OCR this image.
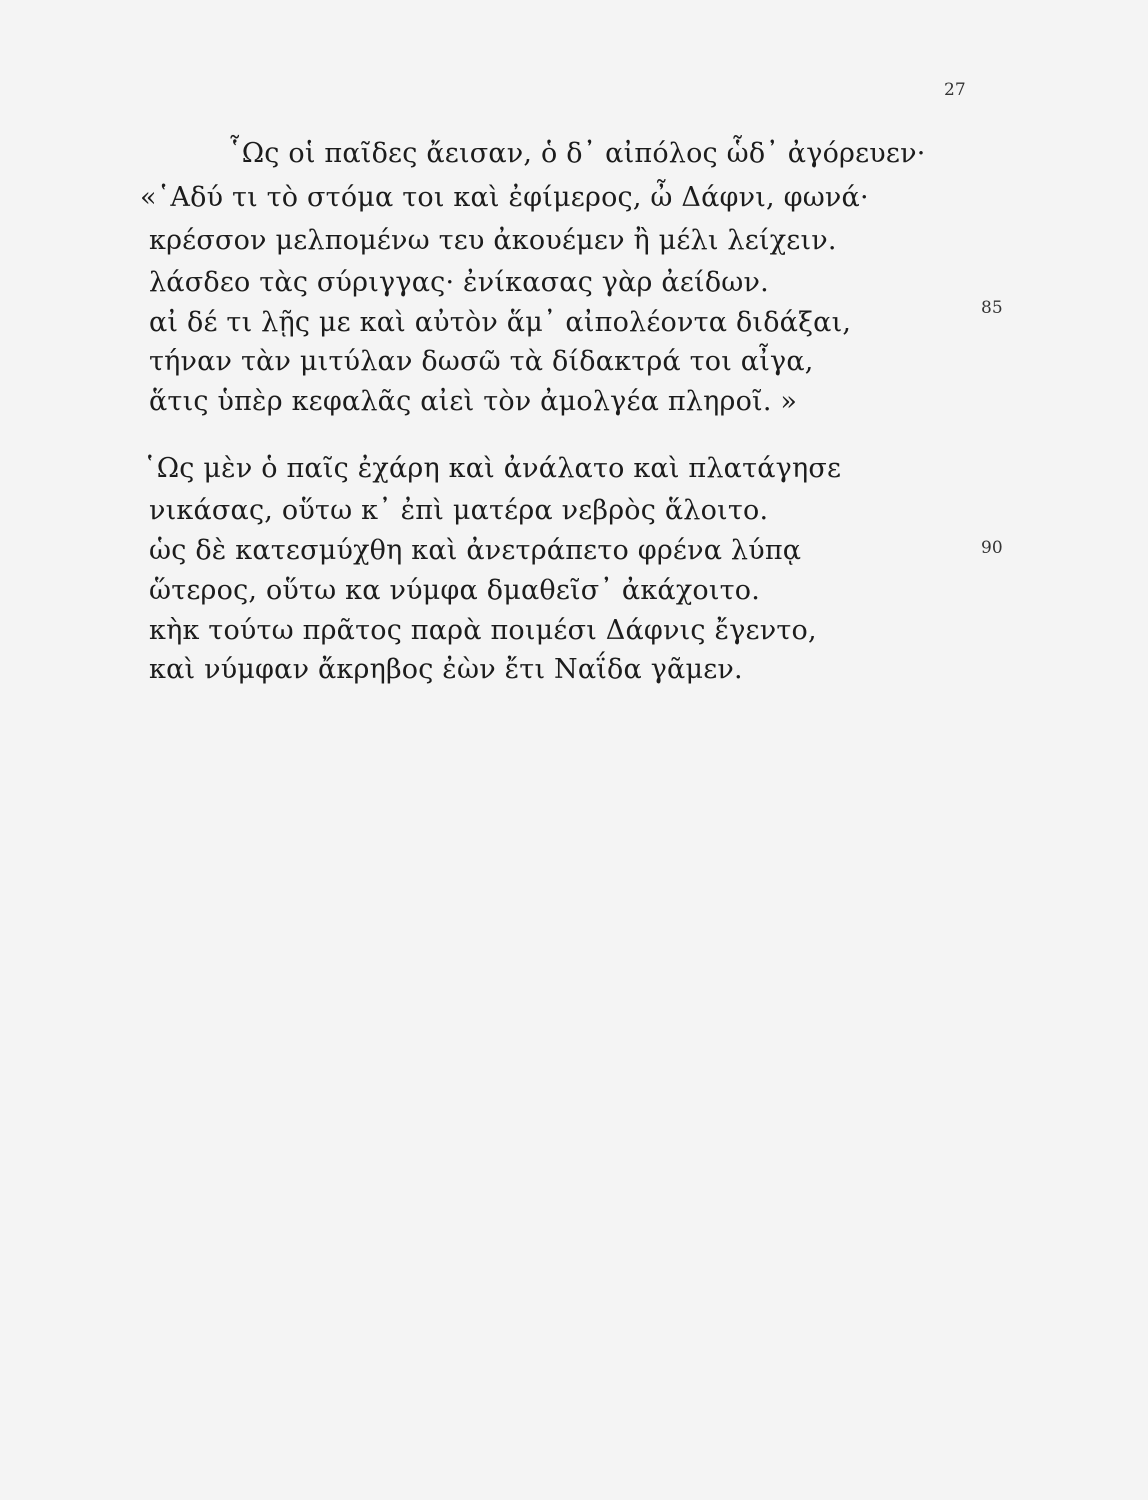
27
85
90
῟Ως οἱ παῖδες ἄεισαν, ὁ δ᾽ αἰπόλος ὧδ᾽ ἀγόρευεν·
«῾Αδύ τι τὸ στόμα τοι καὶ ἐφίμερος, ὦ Δάφνι, φωνά·
κρέσσον μελπομένω τευ ἀκουέμεν ἢ μέλι λείχειν.
λάσδεο τὰς σύριγγας· ἐνίκασας γὰρ ἀείδων.
αἰ δέ τι λῇς με καὶ αὐτὸν ἅμ᾽ αἰπολέοντα διδάξαι,
τήναν τὰν μιτύλαν δωσῶ τὰ δίδακτρά τοι αἶγα,
ἅτις ὑπὲρ κεφαλᾶς αἰεὶ τὸν ἀμολγέα πληροῖ. »
῾Ως μὲν ὁ παῖς ἐχάρη καὶ ἀνάλατο καὶ πλατάγησε
νικάσας, οὕτω κ᾽ ἐπὶ ματέρα νεβρὸς ἅλοιτο.
ὡς δὲ κατεσμύχθη καὶ ἀνετράπετο φρένα λύπᾳ
ὥτερος, οὕτω κα νύμφα δμαθεῖσ᾽ ἀκάχοιτο.
κὴκ τούτω πρᾶτος παρὰ ποιμέσι Δάφνις ἔγεντο,
καὶ νύμφαν ἄκρηβος ἐὼν ἔτι Ναΐδα γᾶμεν.
